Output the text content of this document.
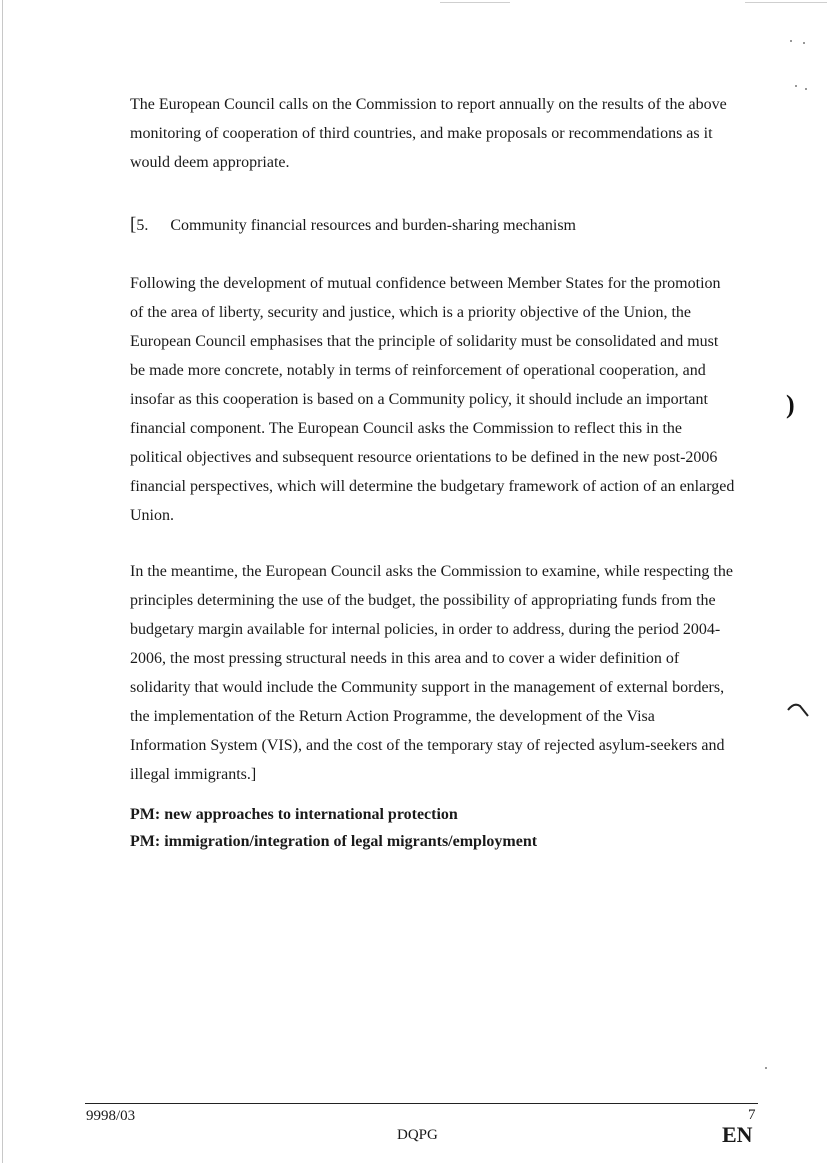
The European Council calls on the Commission to report annually on the results of the above
monitoring of cooperation of third countries, and make proposals or recommendations as it
would deem appropriate.
[5. Community financial resources and burden-sharing mechanism
Following the development of mutual confidence between Member States for the promotion
of the area of liberty, security and justice, which is a priority objective of the Union, the
European Council emphasises that the principle of solidarity must be consolidated and must
be made more concrete, notably in terms of reinforcement of operational cooperation, and
insofar as this cooperation is based on a Community policy, it should include an important
financial component. The European Council asks the Commission to reflect this in the
political objectives and subsequent resource orientations to be defined in the new post-2006
financial perspectives, which will determine the budgetary framework of action of an enlarged
Union.
In the meantime, the European Council asks the Commission to examine, while respecting the
principles determining the use of the budget, the possibility of appropriating funds from the
budgetary margin available for internal policies, in order to address, during the period 2004-
2006, the most pressing structural needs in this area and to cover a wider definition of
solidarity that would include the Community support in the management of external borders,
the implementation of the Return Action Programme, the development of the Visa
Information System (VIS), and the cost of the temporary stay of rejected asylum-seekers and
illegal immigrants.]
PM: new approaches to international protection
PM: immigration/integration of legal migrants/employment
)
9998/03
DQPG
7
EN
